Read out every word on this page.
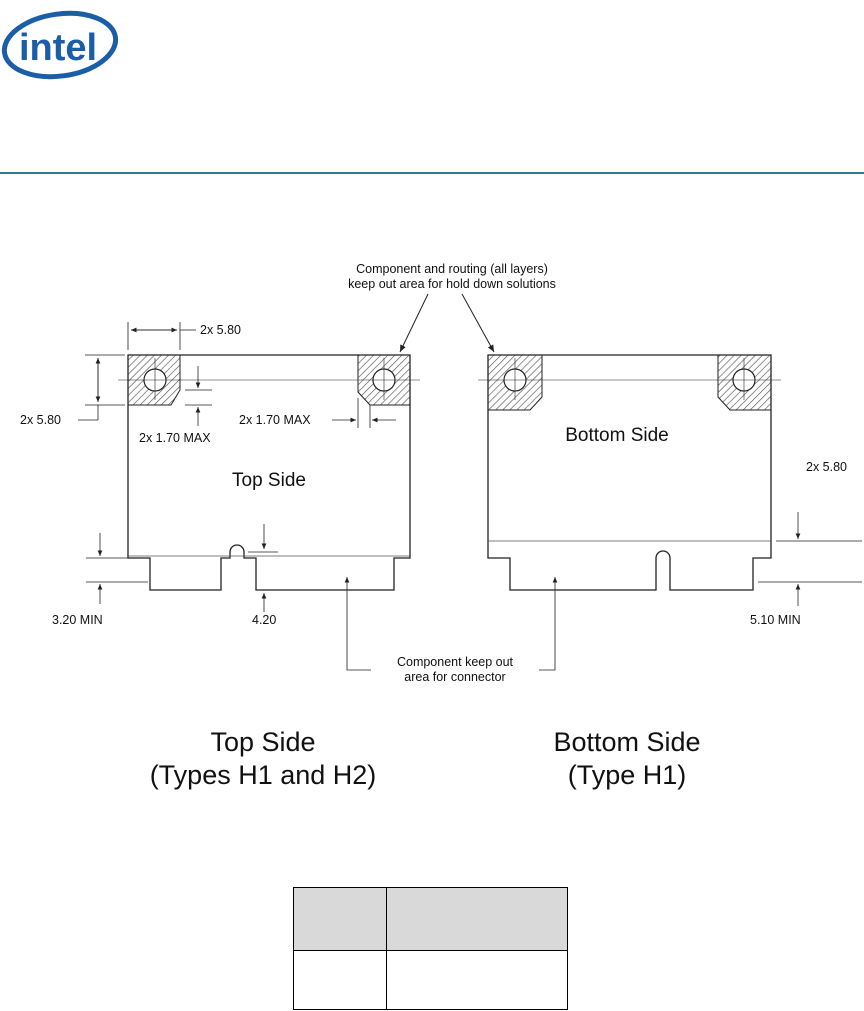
intel
Component and routing (all layers)
keep out area for hold down solutions
Top Side
2x 5.80
2x 5.80
2x 1.70 MAX
2x 1.70 MAX
3.20 MIN	4.20
Bottom Side
2x 5.80
5.10 MIN
Component keep out
area for connector
Top Side
(Types H1 and H2)
Bottom Side
(Type H1)
